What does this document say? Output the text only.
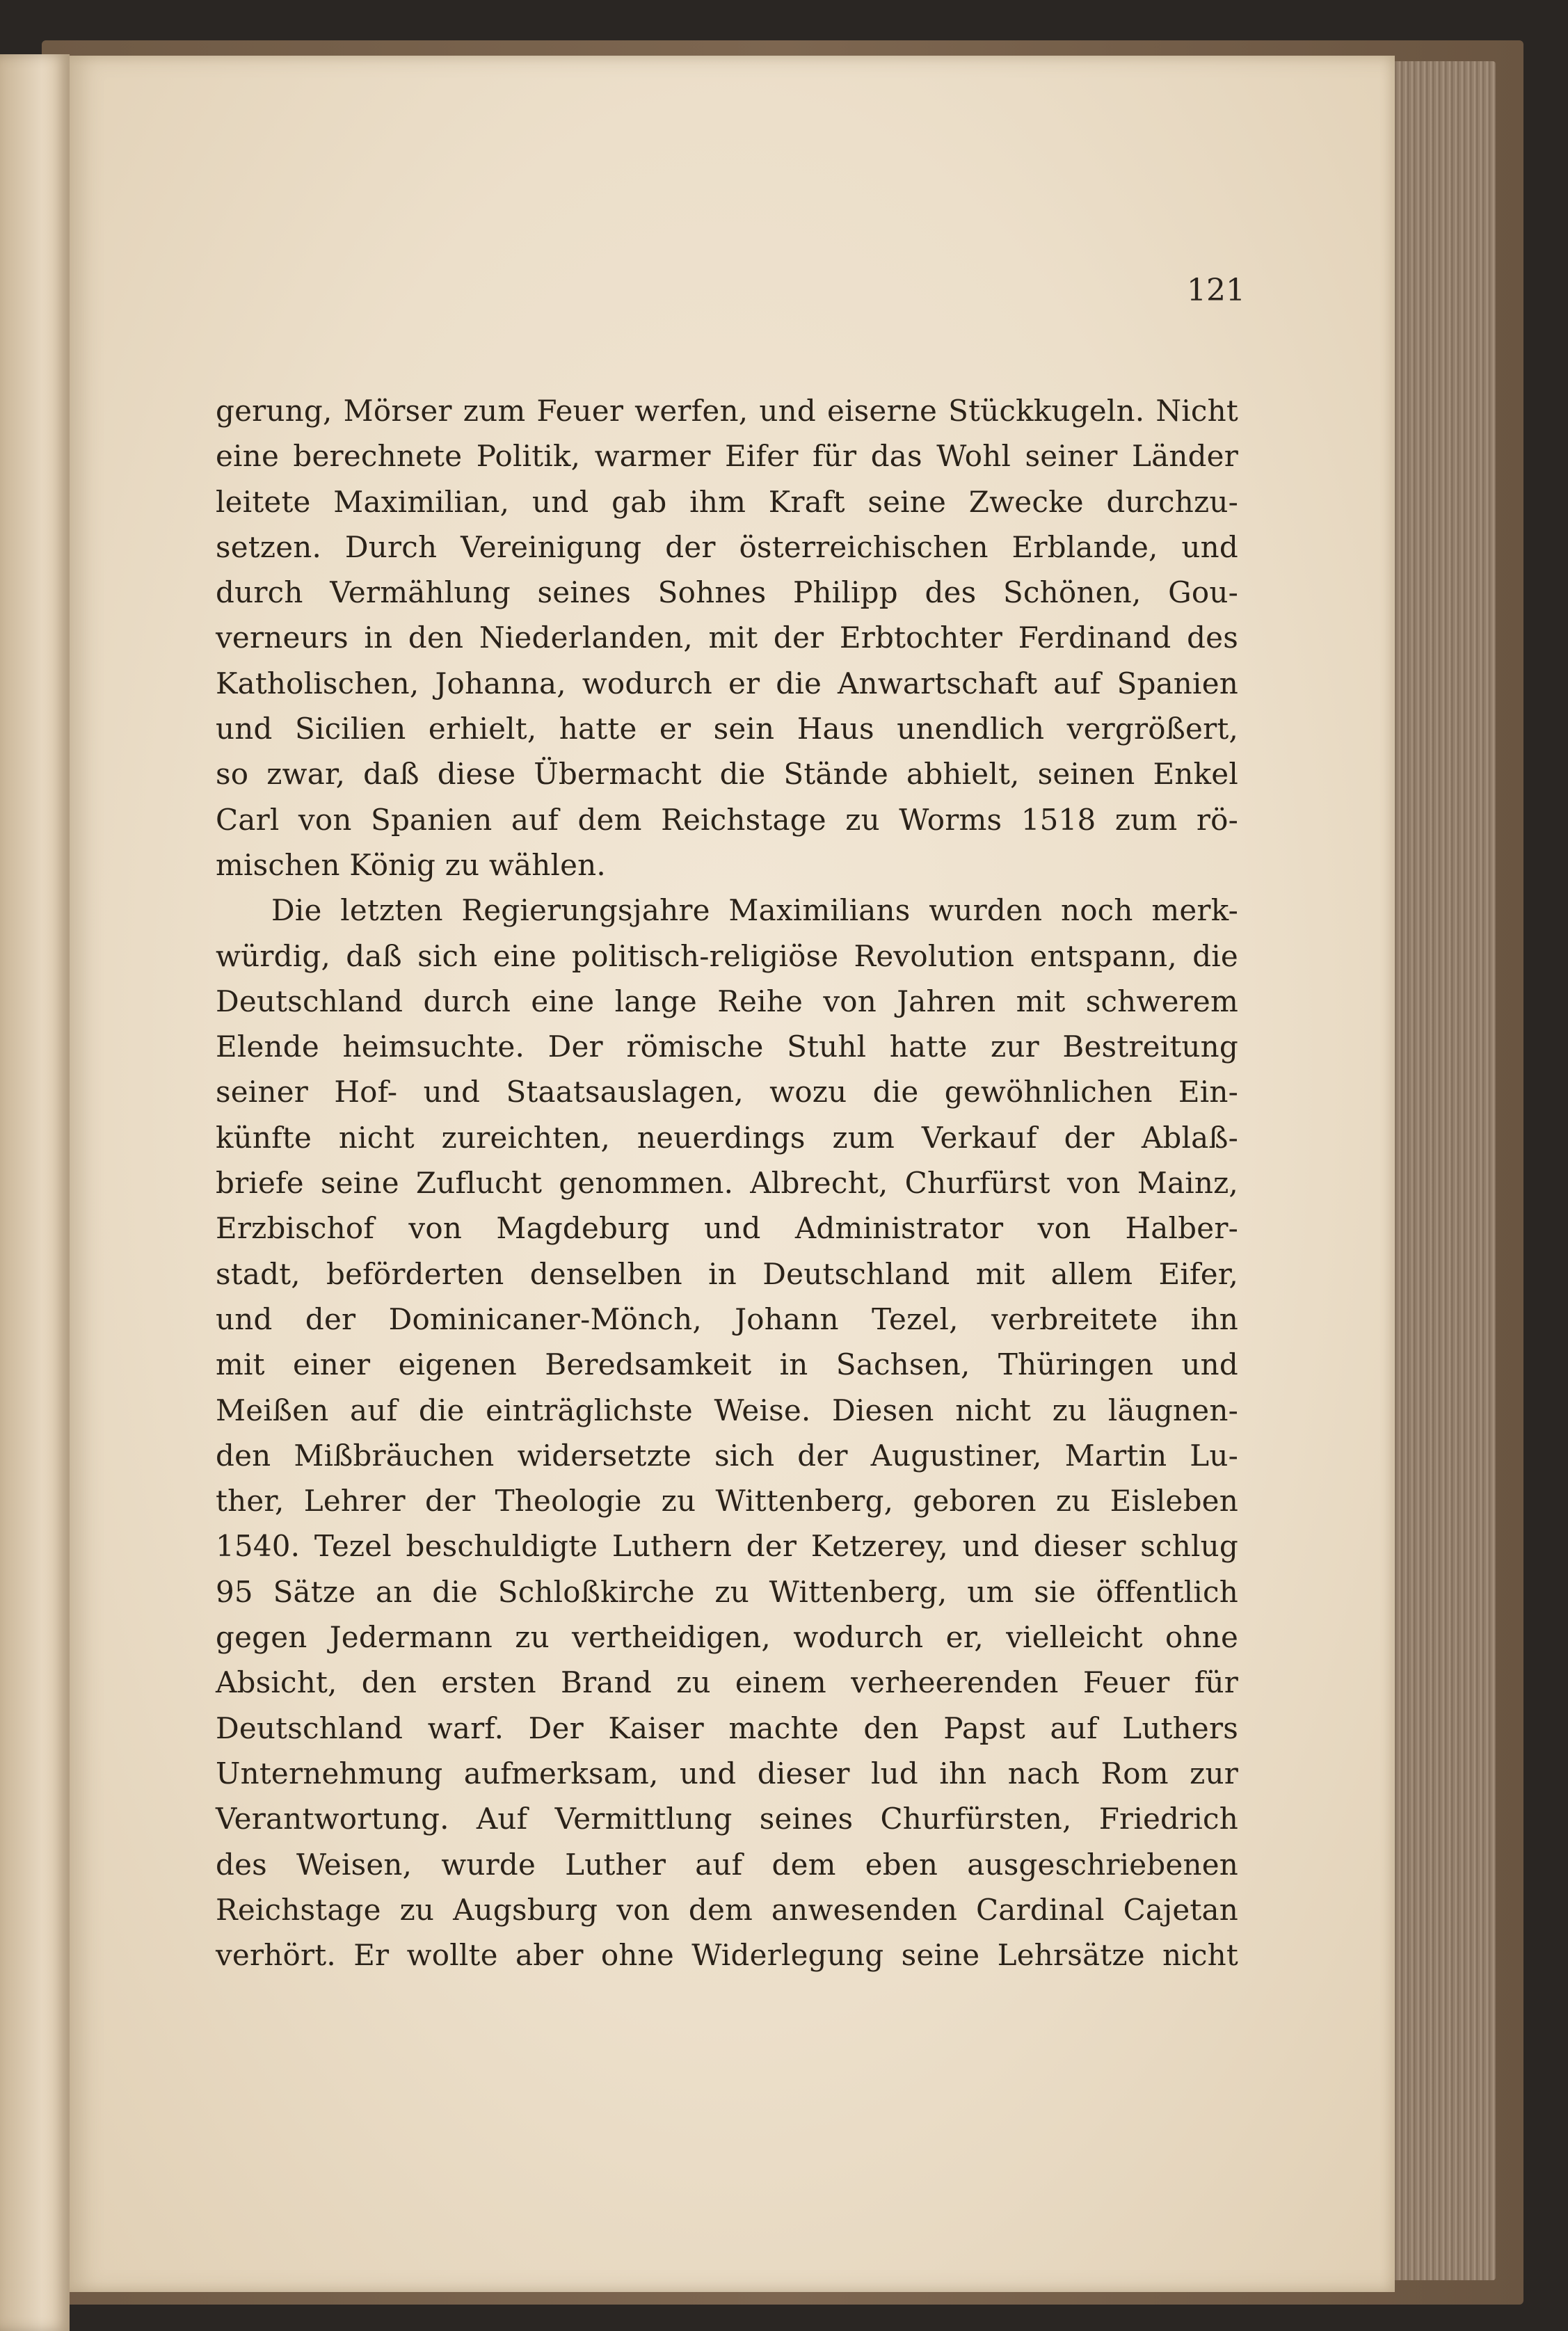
121
gerung, Mörser zum Feuer werfen, und eiserne Stückkugeln. Nicht
eine berechnete Politik, warmer Eifer für das Wohl seiner Länder
leitete Maximilian, und gab ihm Kraft seine Zwecke durchzu-
setzen. Durch Vereinigung der österreichischen Erblande, und
durch Vermählung seines Sohnes Philipp des Schönen, Gou-
verneurs in den Niederlanden, mit der Erbtochter Ferdinand des
Katholischen, Johanna, wodurch er die Anwartschaft auf Spanien
und Sicilien erhielt, hatte er sein Haus unendlich vergrößert,
so zwar, daß diese Übermacht die Stände abhielt, seinen Enkel
Carl von Spanien auf dem Reichstage zu Worms 1518 zum rö-
mischen König zu wählen.
Die letzten Regierungsjahre Maximilians wurden noch merk-
würdig, daß sich eine politisch-religiöse Revolution entspann, die
Deutschland durch eine lange Reihe von Jahren mit schwerem
Elende heimsuchte. Der römische Stuhl hatte zur Bestreitung
seiner Hof- und Staatsauslagen, wozu die gewöhnlichen Ein-
künfte nicht zureichten, neuerdings zum Verkauf der Ablaß-
briefe seine Zuflucht genommen. Albrecht, Churfürst von Mainz,
Erzbischof von Magdeburg und Administrator von Halber-
stadt, beförderten denselben in Deutschland mit allem Eifer,
und der Dominicaner-Mönch, Johann Tezel, verbreitete ihn
mit einer eigenen Beredsamkeit in Sachsen, Thüringen und
Meißen auf die einträglichste Weise. Diesen nicht zu läugnen-
den Mißbräuchen widersetzte sich der Augustiner, Martin Lu-
ther, Lehrer der Theologie zu Wittenberg, geboren zu Eisleben
1540. Tezel beschuldigte Luthern der Ketzerey, und dieser schlug
95 Sätze an die Schloßkirche zu Wittenberg, um sie öffentlich
gegen Jedermann zu vertheidigen, wodurch er, vielleicht ohne
Absicht, den ersten Brand zu einem verheerenden Feuer für
Deutschland warf. Der Kaiser machte den Papst auf Luthers
Unternehmung aufmerksam, und dieser lud ihn nach Rom zur
Verantwortung. Auf Vermittlung seines Churfürsten, Friedrich
des Weisen, wurde Luther auf dem eben ausgeschriebenen
Reichstage zu Augsburg von dem anwesenden Cardinal Cajetan
verhört. Er wollte aber ohne Widerlegung seine Lehrsätze nicht
